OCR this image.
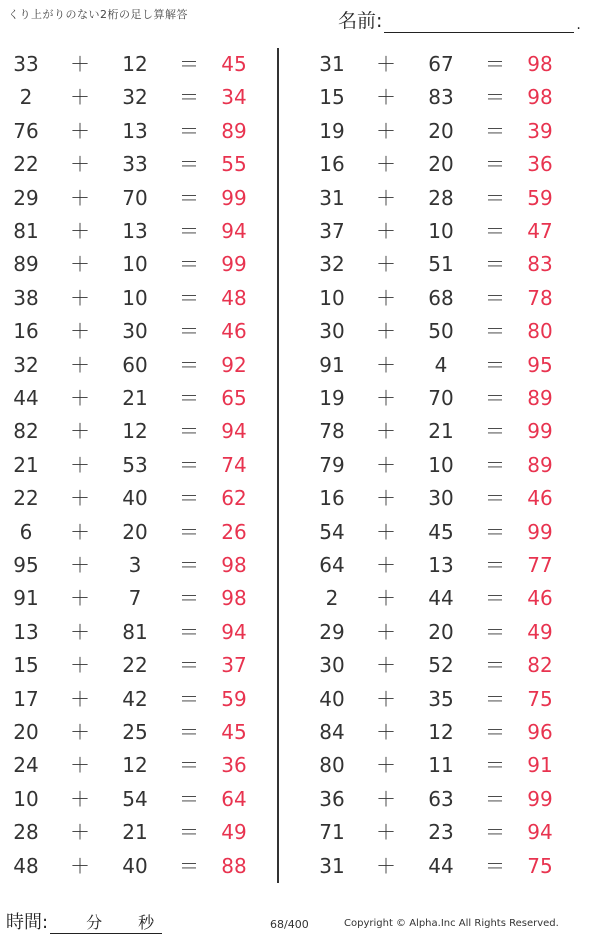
くり上がりのない2桁の足し算解答	名前:	.
33	＋	12	＝ 45
2	＋	32	＝ 34
76	＋	13	＝ 89
22	＋	33	＝ 55
29	＋	70	＝ 99
81	＋	13	＝ 94
89	＋	10	＝ 99
38	＋	10	＝ 48
16	＋	30	＝ 46
32	＋	60	＝ 92
44	＋	21	＝ 65
82	＋	12	＝ 94
21	＋	53	＝ 74
22	＋	40	＝ 62
6	＋	20	＝ 26
95	＋	3	＝ 98
91	＋	7	＝ 98
13	＋	81	＝ 94
15	＋	22	＝ 37
17	＋	42	＝ 59
20	＋	25	＝ 45
24	＋	12	＝ 36
10	＋	54	＝ 64
28	＋	21	＝ 49
48	＋	40	＝ 88
31	＋	67	＝ 98
15	＋	83	＝ 98
19	＋	20	＝ 39
16	＋	20	＝ 36
31	＋	28	＝ 59
37	＋	10	＝ 47
32	＋	51	＝ 83
10	＋	68	＝ 78
30	＋	50	＝ 80
91	＋	4	＝ 95
19	＋	70	＝ 89
78	＋	21	＝ 99
79	＋	10	＝ 89
16	＋	30	＝ 46
54	＋	45	＝ 99
64	＋	13	＝ 77
2	＋	44	＝ 46
29	＋	20	＝ 49
30	＋	52	＝ 82
40	＋	35	＝ 75
84	＋	12	＝ 96
80	＋	11	＝ 91
36	＋	63	＝ 99
71	＋	23	＝ 94
31	＋	44	＝ 75
時間: 分 秒	68/400	Copyright © Alpha.Inc All Rights Reserved.
